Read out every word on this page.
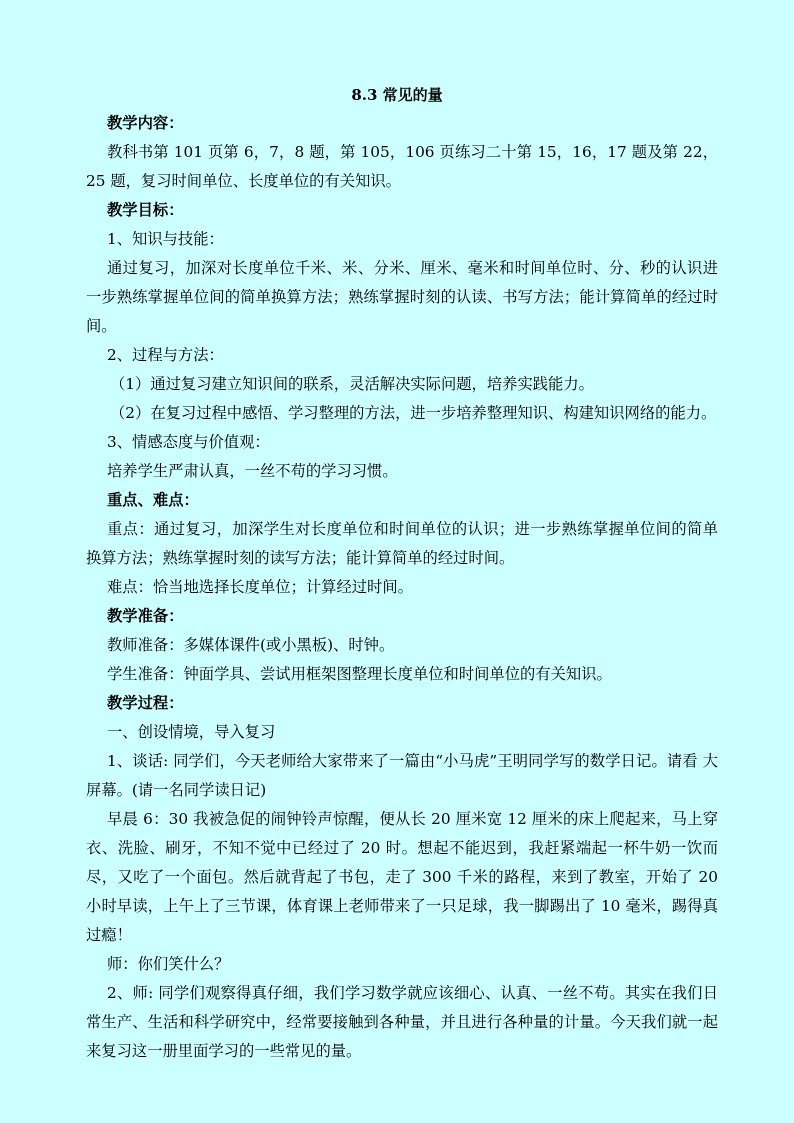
8.3 常见的量

教学内容：

教科书第 101 页第 6，7，8 题，第 105，106 页练习二十第 15，16，17 题及第 22，25 题，复习时间单位、长度单位的有关知识。

教学目标：

1、知识与技能：

通过复习，加深对长度单位千米、米、分米、厘米、毫米和时间单位时、分、秒的认识进一步熟练掌握单位间的简单换算方法；熟练掌握时刻的认读、书写方法；能计算简单的经过时间。

2、过程与方法：

（1）通过复习建立知识间的联系，灵活解决实际问题，培养实践能力。

（2）在复习过程中感悟、学习整理的方法，进一步培养整理知识、构建知识网络的能力。

3、情感态度与价值观：

培养学生严肃认真，一丝不苟的学习习惯。

重点、难点：

重点：通过复习，加深学生对长度单位和时间单位的认识；进一步熟练掌握单位间的简单换算方法；熟练掌握时刻的读写方法；能计算简单的经过时间。

难点：恰当地选择长度单位；计算经过时间。

教学准备：

教师准备：多媒体课件(或小黑板)、时钟。

学生准备：钟面学具、尝试用框架图整理长度单位和时间单位的有关知识。

教学过程：

一、创设情境，导入复习

1、谈话: 同学们，今天老师给大家带来了一篇由“小马虎”王明同学写的数学日记。请看 大屏幕。(请一名同学读日记)

早晨 6：30 我被急促的闹钟铃声惊醒，便从长 20 厘米宽 12 厘米的床上爬起来，马上穿衣、洗脸、刷牙，不知不觉中已经过了 20 时。想起不能迟到，我赶紧端起一杯牛奶一饮而尽，又吃了一个面包。然后就背起了书包，走了 300 千米的路程，来到了教室，开始了 20 小时早读，上午上了三节课，体育课上老师带来了一只足球，我一脚踢出了 10 毫米，踢得真过瘾！

师：你们笑什么？

2、师: 同学们观察得真仔细，我们学习数学就应该细心、认真、一丝不苟。其实在我们日常生产、生活和科学研究中，经常要接触到各种量，并且进行各种量的计量。今天我们就一起来复习这一册里面学习的一些常见的量。
